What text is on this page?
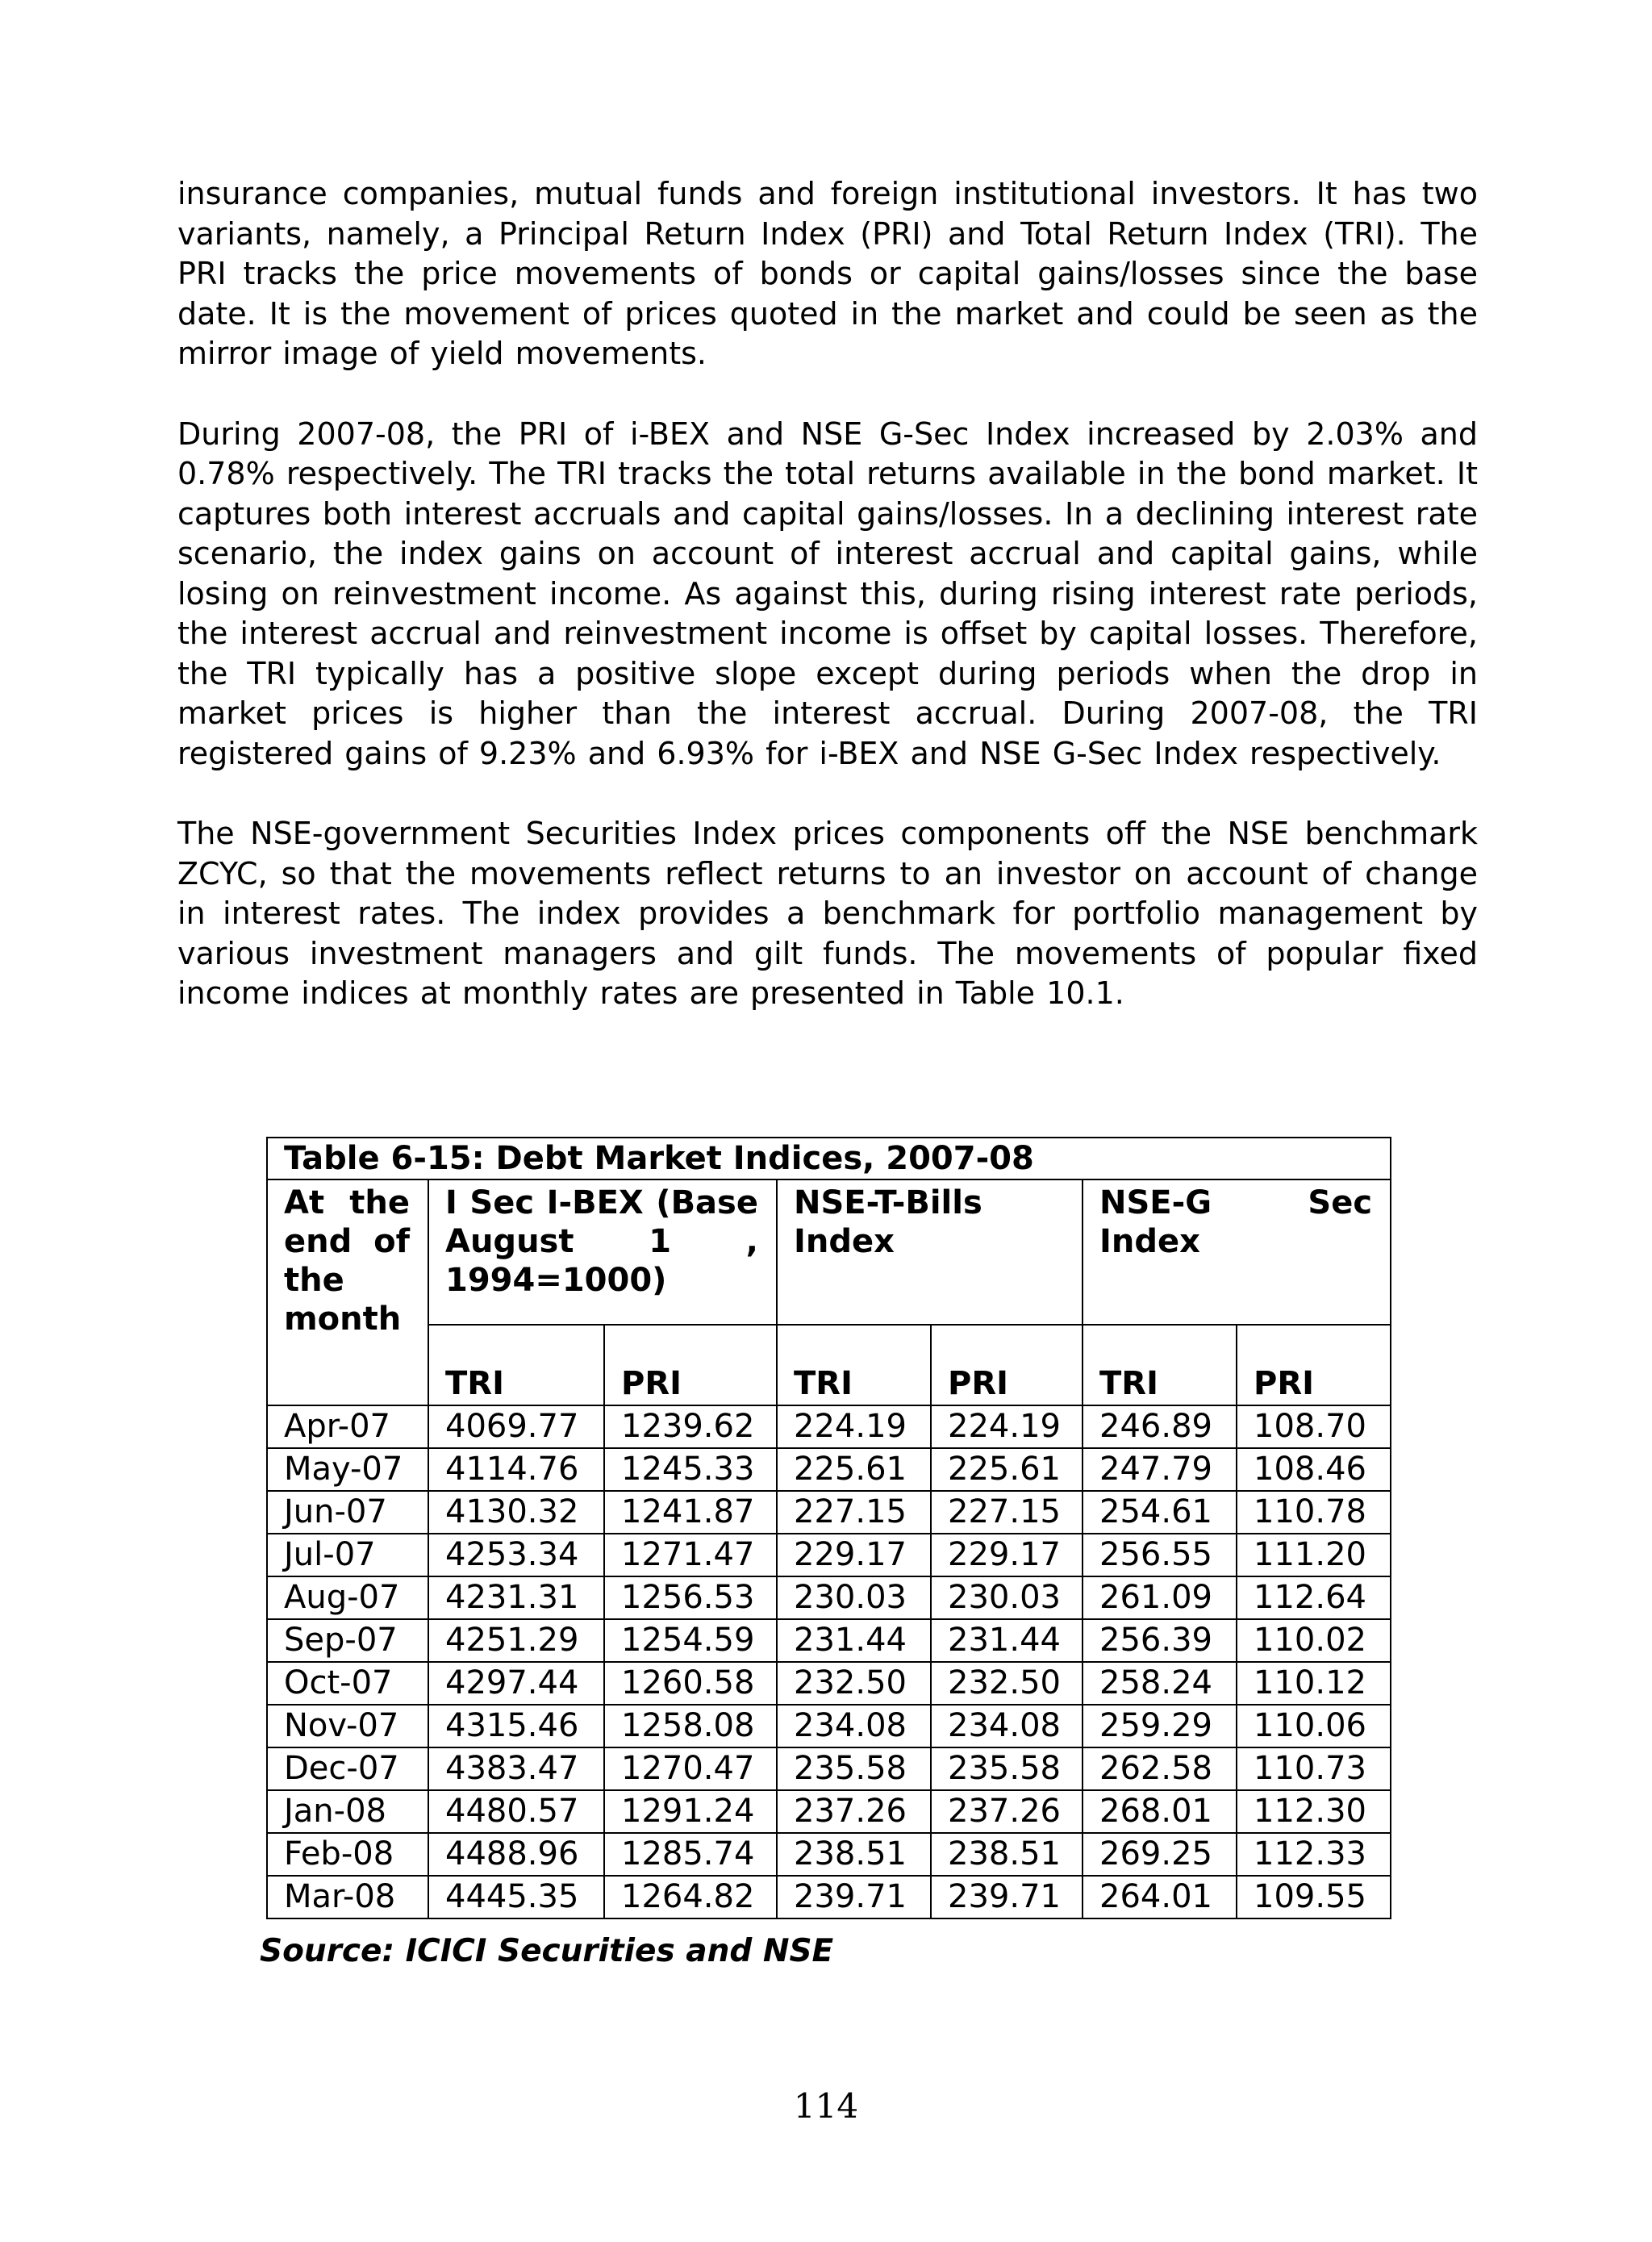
insurance companies, mutual funds and foreign institutional investors. It has two variants, namely, a Principal Return Index (PRI) and Total Return Index (TRI). The PRI tracks the price movements of bonds or capital gains/losses since the base date. It is the movement of prices quoted in the market and could be seen as the mirror image of yield movements.

During 2007-08, the PRI of i-BEX and NSE G-Sec Index increased by 2.03% and 0.78% respectively. The TRI tracks the total returns available in the bond market. It captures both interest accruals and capital gains/losses. In a declining interest rate scenario, the index gains on account of interest accrual and capital gains, while losing on reinvestment income. As against this, during rising interest rate periods, the interest accrual and reinvestment income is offset by capital losses. Therefore, the TRI typically has a positive slope except during periods when the drop in market prices is higher than the interest accrual. During 2007-08, the TRI registered gains of 9.23% and 6.93% for i-BEX and NSE G-Sec Index respectively.

The NSE-government Securities Index prices components off the NSE benchmark ZCYC, so that the movements reflect returns to an investor on account of change in interest rates. The index provides a benchmark for portfolio management by various investment managers and gilt funds. The movements of popular fixed income indices at monthly rates are presented in Table 10.1.

Table 6-15: Debt Market Indices, 2007-08						
At the end of the month	I Sec I-BEX (Base August 1 , 1994=1000)		NSE-T-Bills Index		NSE-G Sec Index	
	TRI	PRI	TRI	PRI	TRI	PRI
Apr-07	4069.77	1239.62	224.19	224.19	246.89	108.70
May-07	4114.76	1245.33	225.61	225.61	247.79	108.46
Jun-07	4130.32	1241.87	227.15	227.15	254.61	110.78
Jul-07	4253.34	1271.47	229.17	229.17	256.55	111.20
Aug-07	4231.31	1256.53	230.03	230.03	261.09	112.64
Sep-07	4251.29	1254.59	231.44	231.44	256.39	110.02
Oct-07	4297.44	1260.58	232.50	232.50	258.24	110.12
Nov-07	4315.46	1258.08	234.08	234.08	259.29	110.06
Dec-07	4383.47	1270.47	235.58	235.58	262.58	110.73
Jan-08	4480.57	1291.24	237.26	237.26	268.01	112.30
Feb-08	4488.96	1285.74	238.51	238.51	269.25	112.33
Mar-08	4445.35	1264.82	239.71	239.71	264.01	109.55
Source: ICICI Securities and NSE
114
